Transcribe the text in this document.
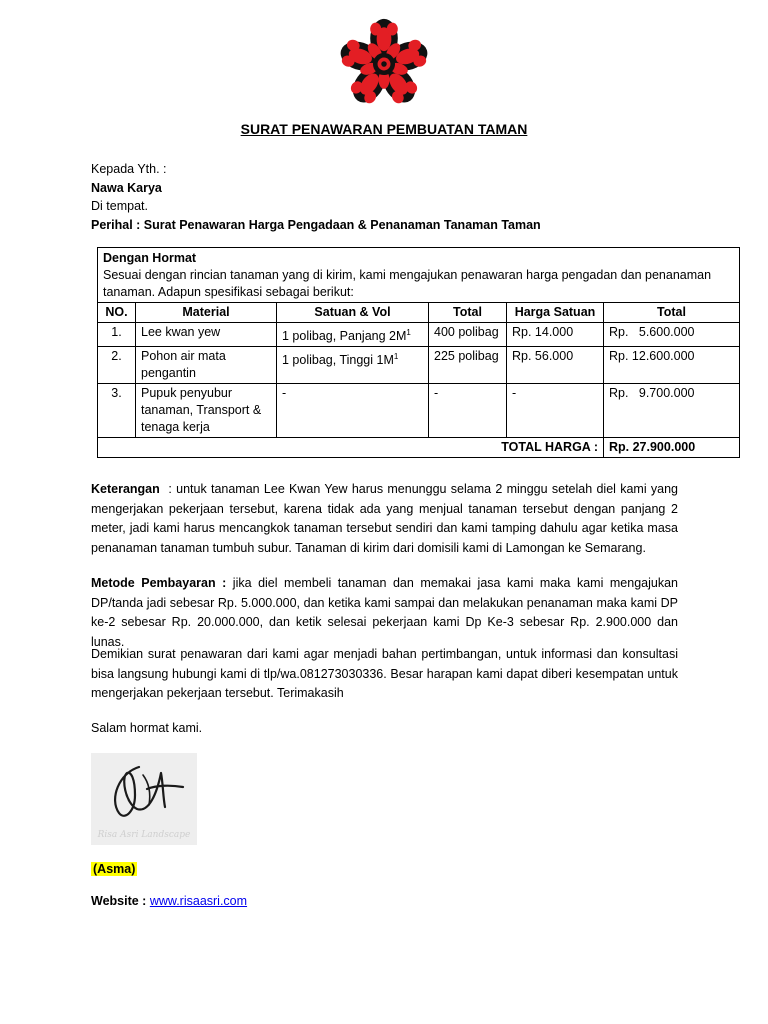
SURAT PENAWARAN PEMBUATAN TAMAN
Kepada Yth. :
Nawa Karya
Di tempat.
Perihal : Surat Penawaran Harga Pengadaan & Penanaman Tanaman Taman
Dengan Hormat
Sesuai dengan rincian tanaman yang di kirim, kami mengajukan penawaran harga pengadan dan penanaman tanaman. Adapun spesifikasi sebagai berikut:					

NO.	Material	Satuan & Vol	Total	Harga Satuan	Total
1.	Lee kwan yew	1 polibag, Panjang $2M^1$	400 polibag	Rp. 14.000	Rp.   5.600.000
2.	Pohon air mata pengantin	1 polibag, Tinggi $1M^1$	225 polibag	Rp. 56.000	Rp. 12.600.000
3.	Pupuk penyubur tanaman, Transport & tenaga kerja	-	-	-	Rp.   9.700.000
TOTAL HARGA :					Rp. 27.900.000
Keterangan  : untuk tanaman Lee Kwan Yew harus menunggu selama 2 minggu setelah diel kami yang mengerjakan pekerjaan tersebut, karena tidak ada yang menjual tanaman tersebut dengan panjang 2 meter, jadi kami harus mencangkok tanaman tersebut sendiri dan kami tamping dahulu agar ketika masa penanaman tanaman tumbuh subur. Tanaman di kirim dari domisili kami di Lamongan ke Semarang.
Metode Pembayaran : jika diel membeli tanaman dan memakai jasa kami maka kami mengajukan DP/tanda jadi sebesar Rp. 5.000.000, dan ketika kami sampai dan melakukan penanaman maka kami DP ke-2 sebesar Rp. 20.000.000, dan ketik selesai pekerjaan kami Dp Ke-3 sebesar Rp. 2.900.000 dan lunas.
Demikian surat penawaran dari kami agar menjadi bahan pertimbangan, untuk informasi dan konsultasi bisa langsung hubungi kami di tlp/wa.081273030336. Besar harapan kami dapat diberi kesempatan untuk mengerjakan pekerjaan tersebut. Terimakasih
Salam hormat kami.
Risa Asri Landscape
(Asma)
Website : www.risaasri.com
